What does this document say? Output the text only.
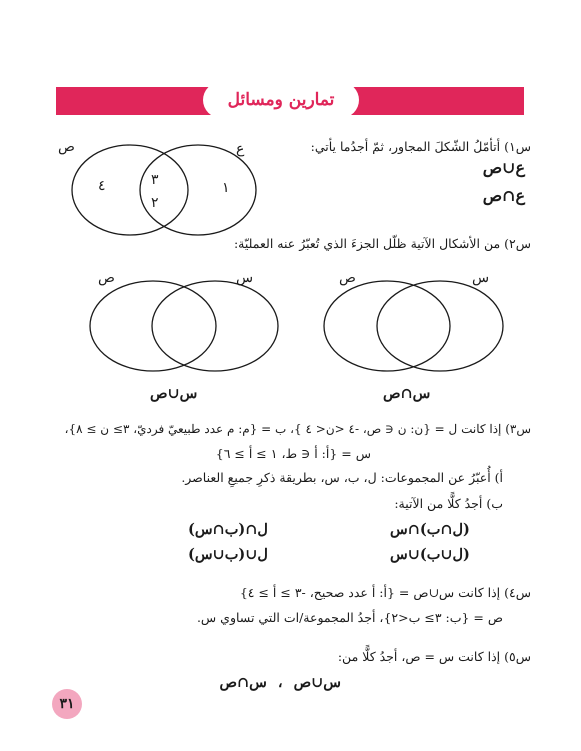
تمارين ومسائل
س١) أتأمّلُ الشّكلَ المجاور، ثمّ أجدُما يأتي:
ع∪ص
ع∩ص
ص	ع
٤	٣
٢
١
س٢) من الأشكال الآتية ظلّل الجزءَ الذي تُعبّرُ عنه العمليّة:
ص	س
س∩ص
ص	س
س∪ص
س٣) إذا كانت ل = {ن: ن ∈ ص، -٤ <ن< ٤ }، ب = {م: م عدد طبيعيّ فرديّ، ٣≥ ن ≥ ٨}،
س = {أ: أ ∈ ط، ١ ≥ أ ≥ ٦}
أ) أُعبّرُ عن المجموعات: ل، ب، س، بطريقة ذكرِ جميعِ العناصر.
ب) أجدُ كلًّا من الآتية:
(ل∩ب)∩س
ل∩(ب∩س)
(ل∪ب)∪س
ل∪(ب∪س)
س٤) إذا كانت س∪ص = {أ: أ عدد صحيح، -٣ ≥ أ ≥ ٤}
ص = {ب: ٣≥ ب<٢}، أجدُ المجموعة/ات التي تساوي س.
س٥) إذا كانت س = ص، أجدُ كلًّا من:
س∪ص ، س∩ص
٣١
